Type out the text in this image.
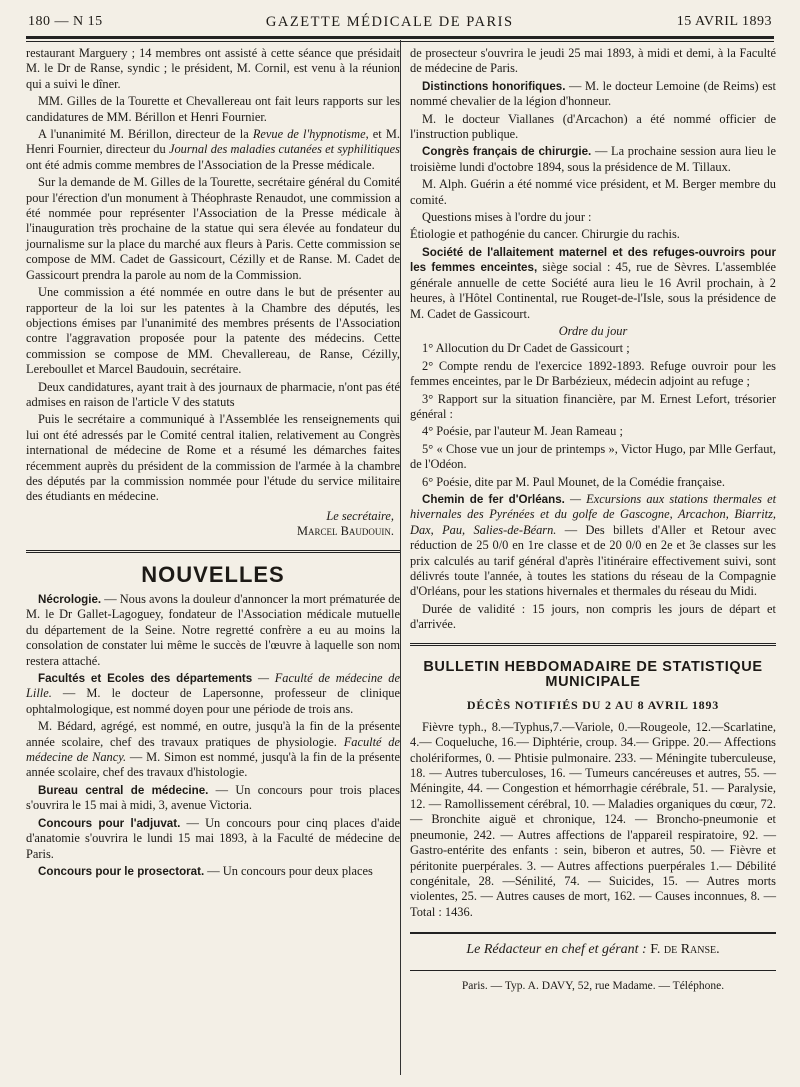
180 — N 15	GAZETTE MÉDICALE DE PARIS	15 AVRIL 1893

restaurant Marguery ; 14 membres ont assisté à cette séance que présidait M. le Dr de Ranse, syndic ; le président, M. Cornil, est venu à la réunion qui a suivi le dîner.

MM. Gilles de la Tourette et Chevallereau ont fait leurs rapports sur les candidatures de MM. Bérillon et Henri Fournier.

A l'unanimité M. Bérillon, directeur de la Revue de l'hypnotisme, et M. Henri Fournier, directeur du Journal des maladies cutanées et syphilitiques ont été admis comme membres de l'Association de la Presse médicale.

Sur la demande de M. Gilles de la Tourette, secrétaire général du Comité pour l'érection d'un monument à Théophraste Renaudot, une commission a été nommée pour représenter l'Association de la Presse médicale à l'inauguration très prochaine de la statue qui sera élevée au fondateur du journalisme sur la place du marché aux fleurs à Paris. Cette commission se compose de MM. Cadet de Gassicourt, Cézilly et de Ranse. M. Cadet de Gassicourt prendra la parole au nom de la Commission.

Une commission a été nommée en outre dans le but de présenter au rapporteur de la loi sur les patentes à la Chambre des députés, les objections émises par l'unanimité des membres présents de l'Association contre l'aggravation proposée pour la patente des médecins. Cette commission se compose de MM. Chevallereau, de Ranse, Cézilly, Lereboullet et Marcel Baudouin, secrétaire.

Deux candidatures, ayant trait à des journaux de pharmacie, n'ont pas été admises en raison de l'article V des statuts

Puis le secrétaire a communiqué à l'Assemblée les renseignements qui lui ont été adressés par le Comité central italien, relativement au Congrès international de médecine de Rome et a résumé les démarches faites récemment auprès du président de la commission de l'armée à la chambre des députés par la commission nommée pour l'étude du service militaire des étudiants en médecine.

Le secrétaire,
Marcel Baudouin.
NOUVELLES

Nécrologie. — Nous avons la douleur d'annoncer la mort prématurée de M. le Dr Gallet-Lagoguey, fondateur de l'Association médicale mutuelle du département de la Seine. Notre regretté confrère a eu au moins la consolation de constater lui même le succès de l'œuvre à laquelle son nom restera attaché.

Facultés et Ecoles des départements — Faculté de médecine de Lille. — M. le docteur de Lapersonne, professeur de clinique ophtalmologique, est nommé doyen pour une période de trois ans.

M. Bédard, agrégé, est nommé, en outre, jusqu'à la fin de la présente année scolaire, chef des travaux pratiques de physiologie. Faculté de médecine de Nancy. — M. Simon est nommé, jusqu'à la fin de la présente année scolaire, chef des travaux d'histologie.

Bureau central de médecine. — Un concours pour trois places s'ouvrira le 15 mai à midi, 3, avenue Victoria.

Concours pour l'adjuvat. — Un concours pour cinq places d'aide d'anatomie s'ouvrira le lundi 15 mai 1893, à la Faculté de médecine de Paris.

Concours pour le prosectorat. — Un concours pour deux places

de prosecteur s'ouvrira le jeudi 25 mai 1893, à midi et demi, à la Faculté de médecine de Paris.

Distinctions honorifiques. — M. le docteur Lemoine (de Reims) est nommé chevalier de la légion d'honneur.

M. le docteur Viallanes (d'Arcachon) a été nommé officier de l'instruction publique.

Congrès français de chirurgie. — La prochaine session aura lieu le troisième lundi d'octobre 1894, sous la présidence de M. Tillaux.

M. Alph. Guérin a été nommé vice président, et M. Berger membre du comité.

Questions mises à l'ordre du jour :

Étiologie et pathogénie du cancer. Chirurgie du rachis.

Société de l'allaitement maternel et des refuges-ouvroirs pour les femmes enceintes, siège social : 45, rue de Sèvres. L'assemblée générale annuelle de cette Société aura lieu le 16 Avril prochain, à 2 heures, à l'Hôtel Continental, rue Rouget-de-l'Isle, sous la présidence de M. Cadet de Gassicourt.

Ordre du jour

1° Allocution du Dr Cadet de Gassicourt ;

2° Compte rendu de l'exercice 1892-1893. Refuge ouvroir pour les femmes enceintes, par le Dr Barbézieux, médecin adjoint au refuge ;

3° Rapport sur la situation financière, par M. Ernest Lefort, trésorier général :

4° Poésie, par l'auteur M. Jean Rameau ;

5° « Chose vue un jour de printemps », Victor Hugo, par Mlle Gerfaut, de l'Odéon.

6° Poésie, dite par M. Paul Mounet, de la Comédie française.

Chemin de fer d'Orléans. — Excursions aux stations thermales et hivernales des Pyrénées et du golfe de Gascogne, Arcachon, Biarritz, Dax, Pau, Salies-de-Béarn. — Des billets d'Aller et Retour avec réduction de 25 0/0 en 1re classe et de 20 0/0 en 2e et 3e classes sur les prix calculés au tarif général d'après l'itinéraire effectivement suivi, sont délivrés toute l'année, à toutes les stations du réseau de la Compagnie d'Orléans, pour les stations hivernales et thermales du réseau du Midi.

Durée de validité : 15 jours, non compris les jours de départ et d'arrivée.

BULLETIN HEBDOMADAIRE DE STATISTIQUE MUNICIPALE
DÉCÈS NOTIFIÉS DU 2 AU 8 AVRIL 1893

Fièvre typh., 8.—Typhus,7.—Variole, 0.—Rougeole, 12.—Scarlatine, 4.— Coqueluche, 16.— Diphtérie, croup. 34.— Grippe. 20.— Affections cholériformes, 0. — Phtisie pulmonaire. 233. — Méningite tuberculeuse, 18. — Autres tuberculoses, 16. — Tumeurs cancéreuses et autres, 55. — Méningite, 44. — Congestion et hémorrhagie cérébrale, 51. — Paralysie, 12. — Ramollissement cérébral, 10. — Maladies organiques du cœur, 72. — Bronchite aiguë et chronique, 124. — Broncho-pneumonie et pneumonie, 242. — Autres affections de l'appareil respiratoire, 92. — Gastro-entérite des enfants : sein, biberon et autres, 50. — Fièvre et péritonite puerpérales. 3. — Autres affections puerpérales 1.— Débilité congénitale, 28. —Sénilité, 74. — Suicides, 15. — Autres morts violentes, 25. — Autres causes de mort, 162. — Causes inconnues, 8. — Total : 1436.

Le Rédacteur en chef et gérant : F. de Ranse.
Paris. — Typ. A. DAVY, 52, rue Madame. — Téléphone.
